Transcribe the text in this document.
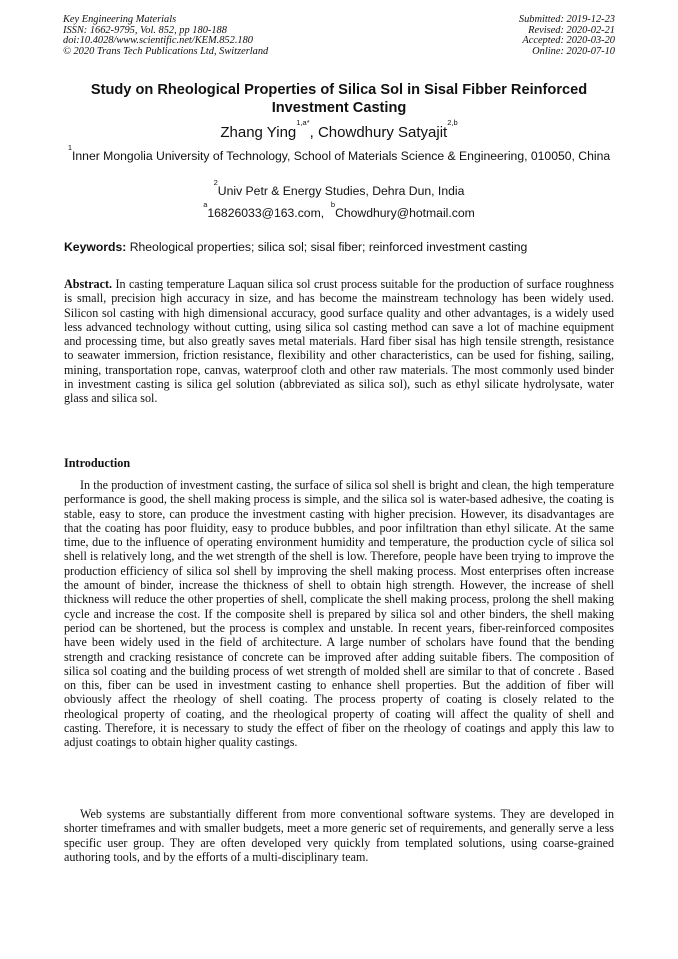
Key Engineering Materials
ISSN: 1662-9795, Vol. 852, pp 180-188
doi:10.4028/www.scientific.net/KEM.852.180
© 2020 Trans Tech Publications Ltd, Switzerland
Submitted: 2019-12-23
Revised: 2020-02-21
Accepted: 2020-03-20
Online: 2020-07-10
Study on Rheological Properties of Silica Sol in Sisal Fibber Reinforced Investment Casting
Zhang Ying$^{1,a*}$, Chowdhury Satyajit$^{2,b}$
$^1$Inner Mongolia University of Technology, School of Materials Science & Engineering, 010050, China
$^2$Univ Petr & Energy Studies, Dehra Dun, India
$^a$16826033@163.com,  $^b$Chowdhury@hotmail.com
Keywords: Rheological properties; silica sol; sisal fiber; reinforced investment casting
Abstract. In casting temperature Laquan silica sol crust process suitable for the production of surface roughness is small, precision high accuracy in size, and has become the mainstream technology has been widely used. Silicon sol casting with high dimensional accuracy, good surface quality and other advantages, is a widely used less advanced technology without cutting, using silica sol casting method can save a lot of machine equipment and processing time, but also greatly saves metal materials. Hard fiber sisal has high tensile strength, resistance to seawater immersion, friction resistance, flexibility and other characteristics, can be used for fishing, sailing, mining, transportation rope, canvas, waterproof cloth and other raw materials. The most commonly used binder in investment casting is silica gel solution (abbreviated as silica sol), such as ethyl silicate hydrolysate, water glass and silica sol.
Introduction
In the production of investment casting, the surface of silica sol shell is bright and clean, the high temperature performance is good, the shell making process is simple, and the silica sol is water-based adhesive, the coating is stable, easy to store, can produce the investment casting with higher precision. However, its disadvantages are that the coating has poor fluidity, easy to produce bubbles, and poor infiltration than ethyl silicate. At the same time, due to the influence of operating environment humidity and temperature, the production cycle of silica sol shell is relatively long, and the wet strength of the shell is low. Therefore, people have been trying to improve the production efficiency of silica sol shell by improving the shell making process. Most enterprises often increase the amount of binder, increase the thickness of shell to obtain high strength. However, the increase of shell thickness will reduce the other properties of shell, complicate the shell making process, prolong the shell making cycle and increase the cost. If the composite shell is prepared by silica sol and other binders, the shell making period can be shortened, but the process is complex and unstable. In recent years, fiber-reinforced composites have been widely used in the field of architecture. A large number of scholars have found that the bending strength and cracking resistance of concrete can be improved after adding suitable fibers. The composition of silica sol coating and the building process of wet strength of molded shell are similar to that of concrete . Based on this, fiber can be used in investment casting to enhance shell properties. But the addition of fiber will obviously affect the rheology of shell coating. The process property of coating is closely related to the rheological property of coating, and the rheological property of coating will affect the quality of shell and casting. Therefore, it is necessary to study the effect of fiber on the rheology of coatings and apply this law to adjust coatings to obtain higher quality castings.
Web systems are substantially different from more conventional software systems. They are developed in shorter timeframes and with smaller budgets, meet a more generic set of requirements, and generally serve a less specific user group. They are often developed very quickly from templated solutions, using coarse-grained authoring tools, and by the efforts of a multi-disciplinary team.
